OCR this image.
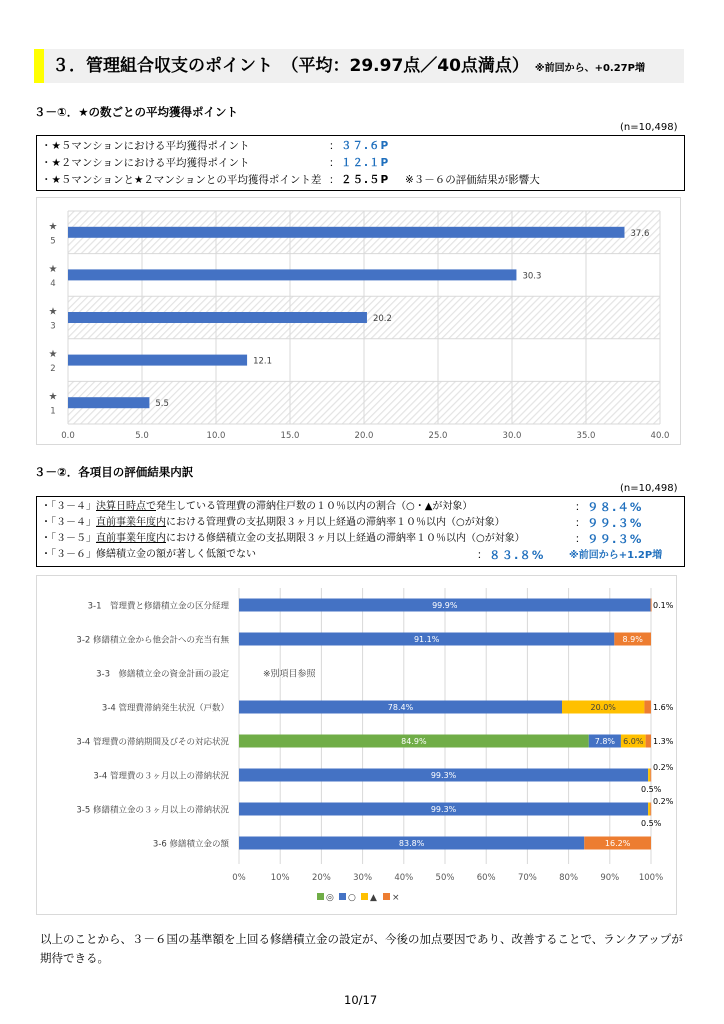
３．管理組合収支のポイント　（平均：29.97点／40点満点） ※前回から、+0.27P増
３－①．★の数ごとの平均獲得ポイント
(n=10,498)
・★５マンションにおける平均獲得ポイント	： ３７.６P
・★２マンションにおける平均獲得ポイント	： １２.１P
・★５マンションと★２マンションとの平均獲得ポイント差 ： ２５.５P ※３－６の評価結果が影響大
0.0	5.0	10.0	15.0	20.0	25.0	30.0	35.0	40.0
37.6
★
5
30.3
★
4
20.2
★
3
12.1
★
2
5.5
★
1
３－②．各項目の評価結果内訳
(n=10,498)
・「３－４」決算日時点で発生している管理費の滞納住戸数の１０％以内の割合（○・▲が対象）	： ９８.４%
・「３－４」直前事業年度内における管理費の支払期限３ヶ月以上経過の滞納率１０％以内（○が対象）	： ９９.３%
・「３－５」直前事業年度内における修繕積立金の支払期限３ヶ月以上経過の滞納率１０％以内（○が対象）	： ９９.３%
・「３－６」修繕積立金の額が著しく低額でない	： ８３.８% ※前回から+1.2P増
0%	10%	20%	30%	40%	50%	60%	70%	80%	90% 100%
3-1　管理費と修繕積立金の区分経理	99.9%	0.1%
3-2 修繕積立金から他会計への充当有無	91.1%	8.9%
3-3　修繕積立金の資金計画の設定	※別項目参照
3-4 管理費滞納発生状況（戸数）	78.4%	20.0%	1.6%
3-4 管理費の滞納期間及びその対応状況	84.9%	7.8% 6.0% 1.3%
3-4 管理費の３ヶ月以上の滞納状況	99.3%
0.5%
0.2%
3-5 修繕積立金の３ヶ月以上の滞納状況	99.3%
0.5%
0.2%
3-6 修繕積立金の額	83.8%	16.2%
◎ ○ ▲ ×
以上のことから、３－６国の基準額を上回る修繕積立金の設定が、今後の加点要因であり、改善することで、ランクアップが期待できる。
10/17
